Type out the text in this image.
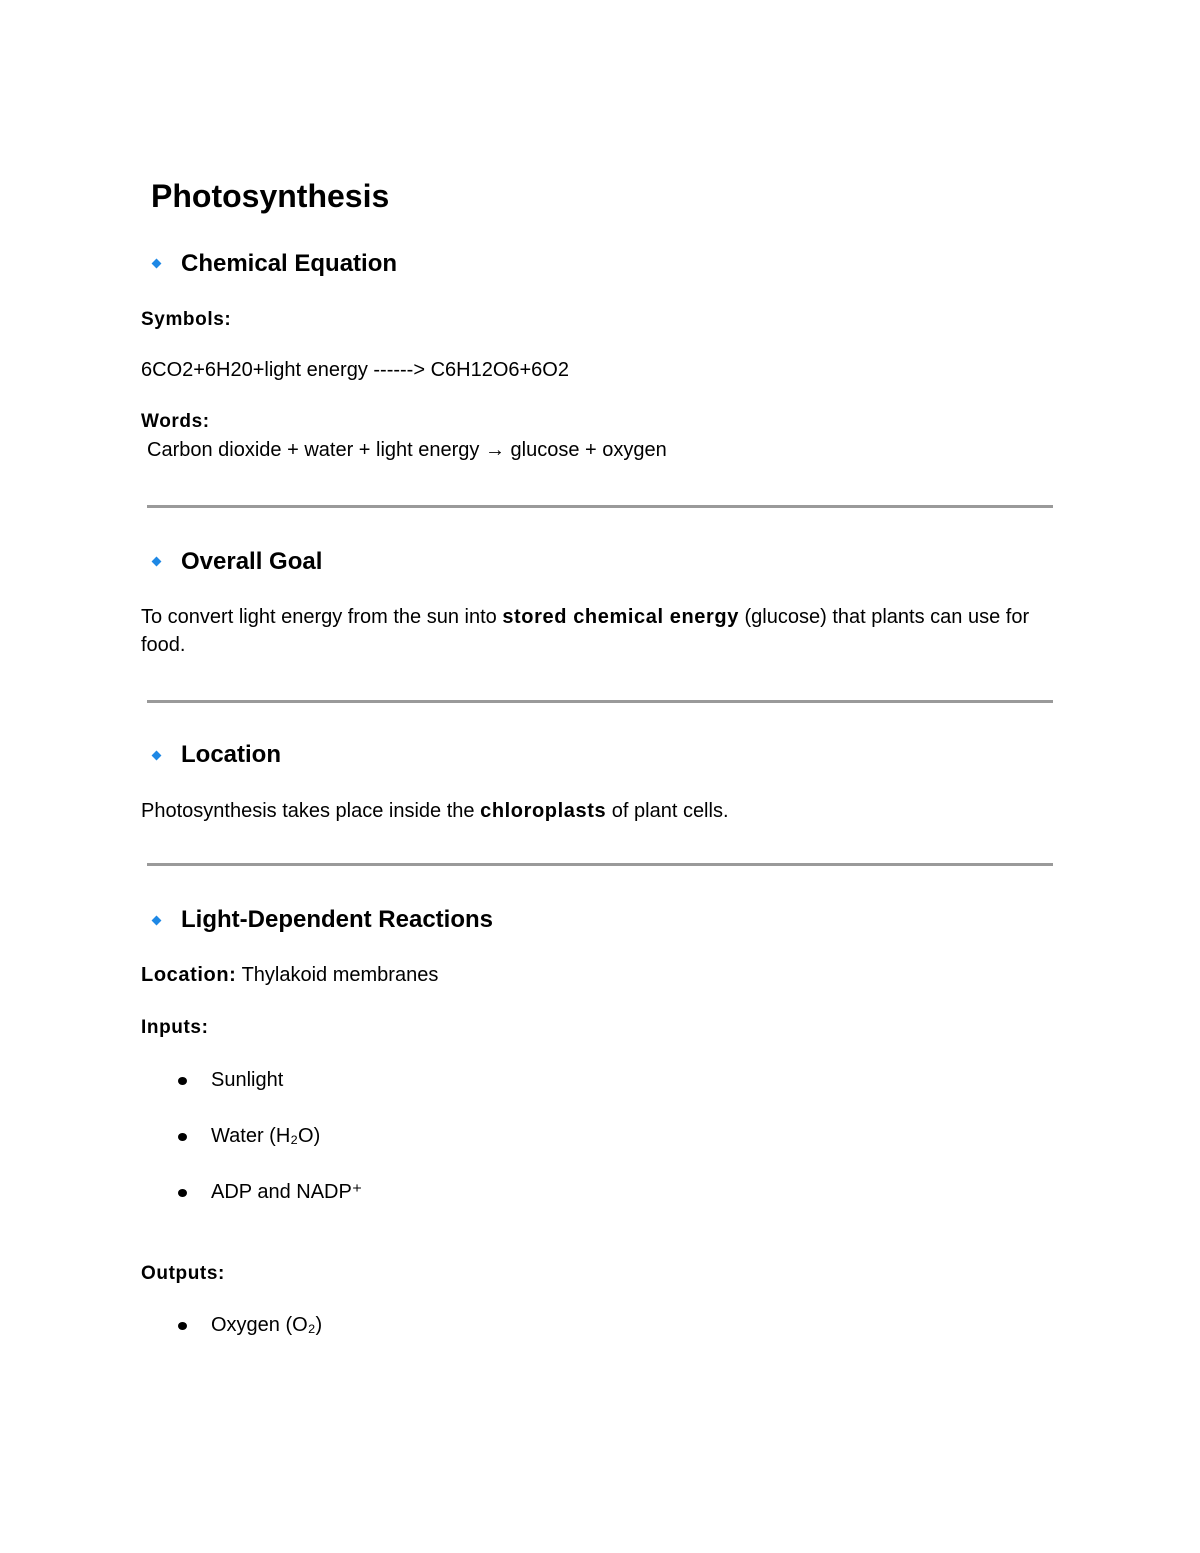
Photosynthesis
Chemical Equation
Symbols:
6CO2+6H20+light energy ------> C6H12O6+6O2
Words:
Carbon dioxide + water + light energy → glucose + oxygen
Overall Goal
To convert light energy from the sun into stored chemical energy (glucose) that plants can use for food.
Location
Photosynthesis takes place inside the chloroplasts of plant cells.
Light-Dependent Reactions
Location: Thylakoid membranes
Inputs:
Sunlight
Water (H₂O)
ADP and NADP⁺
Outputs:
Oxygen (O₂)
